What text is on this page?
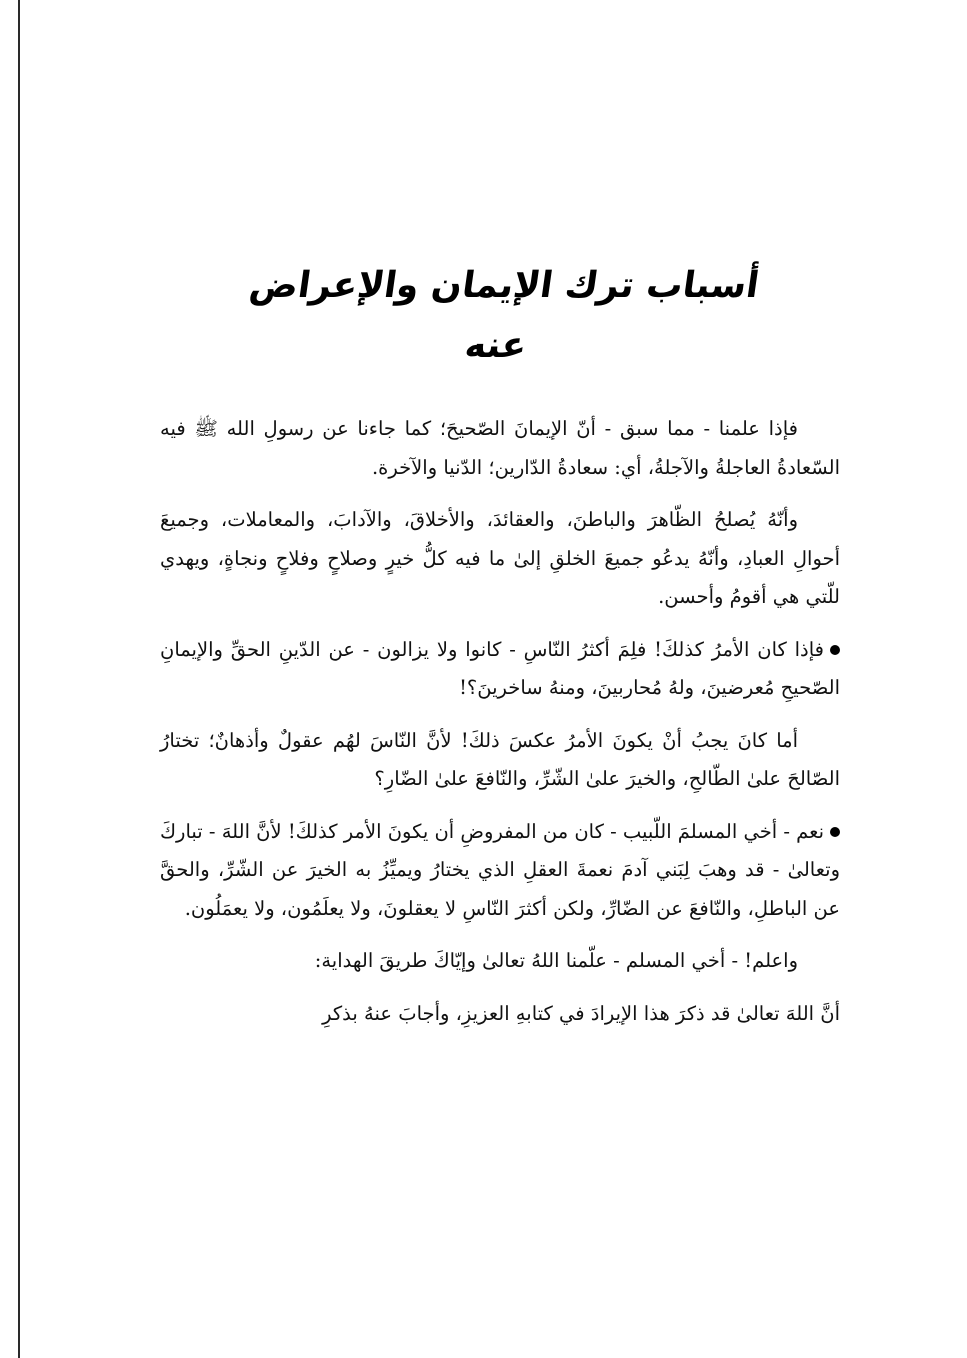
أسباب ترك الإيمان والإعراض عنه

فإذا علمنا - مما سبق - أنّ الإيمانَ الصّحيحَ؛ كما جاءنا عن رسولِ الله ﷺ فيه السّعادةُ العاجلةُ والآجلةُ، أي: سعادةُ الدّارين؛ الدّنيا والآخرة.

وأنّهُ يُصلحُ الظّاهرَ والباطنَ، والعقائدَ، والأخلاقَ، والآدابَ، والمعاملات، وجميعَ أحوالِ العبادِ، وأنّهُ يدعُو جميعَ الخلقِ إلىٰ ما فيه كلُّ خيرٍ وصلاحٍ وفلاحٍ ونجاةٍ، ويهدي للّتي هي أقومُ وأحسن.

فإذا كان الأمرُ كذلكَ! فلِمَ أكثرُ النّاسِ - كانوا ولا يزالون - عن الدّينِ الحقِّ والإيمانِ الصّحيحِ مُعرضينَ، ولهُ مُحاربينَ، ومنهُ ساخرينَ؟!

أما كانَ يجبُ أنْ يكونَ الأمرُ عكسَ ذلكَ! لأنَّ النّاسَ لهُم عقولٌ وأذهانٌ؛ تختارُ الصّالحَ علىٰ الطّالحِ، والخيرَ علىٰ الشّرِّ، والنّافعَ علىٰ الضّارِ؟

نعم - أخي المسلمَ اللّبيب - كان من المفروضِ أن يكونَ الأمر كذلكَ! لأنَّ اللهَ - تباركَ وتعالىٰ - قد وهبَ لِبَني آدمَ نعمةَ العقلِ الذي يختارُ ويميِّزُ به الخيرَ عن الشّرِّ، والحقَّ عن الباطلِ، والنّافعَ عن الضّارِّ، ولكن أكثرَ النّاسِ لا يعقلونَ، ولا يعلَمُون، ولا يعمَلُون.

واعلم! - أخي المسلم - علّمنا اللهُ تعالىٰ وإيّاكَ طريقَ الهداية:

أنَّ اللهَ تعالىٰ قد ذكرَ هذا الإيرادَ في كتابهِ العزيزِ، وأجابَ عنهُ بذكرِ
